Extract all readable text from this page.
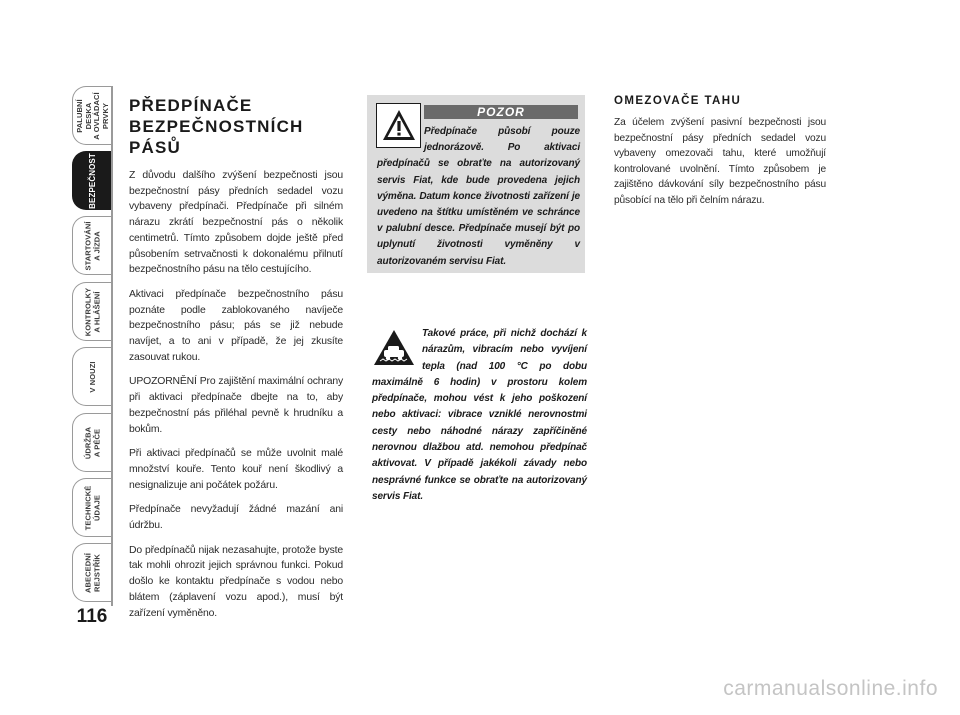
PALUBNÍ DESKA
A OVLÁDACÍ PRVKY
BEZPEČNOST
STARTOVÁNÍ
A JÍZDA
KONTROLKY
A HLÁŠENÍ
V NOUZI
ÚDRŽBA
A PÉČE
TECHNICKÉ
ÚDAJE
ABECEDNÍ
REJSTŘÍK
116
PŘEDPÍNAČE
BEZPEČNOSTNÍCH PÁSŮ

Z důvodu dalšího zvýšení bezpečnosti jsou bezpečnostní pásy předních sedadel vozu vybaveny předpínači. Předpínače při silném nárazu zkrátí bezpečnostní pás o několik centimetrů. Tímto způsobem dojde ještě před působením setrvačnosti k dokonalému přilnutí bezpečnostního pásu na tělo cestujícího.

Aktivaci předpínače bezpečnostního pásu poznáte podle zablokovaného navíječe bezpečnostního pásu; pás se již nebude navíjet, a to ani v případě, že jej zkusíte zasouvat rukou.

UPOZORNĚNÍ Pro zajištění maximální ochrany při aktivaci předpínače dbejte na to, aby bezpečnostní pás přiléhal pevně k hrudníku a bokům.

Při aktivaci předpínačů se může uvolnit malé množství kouře. Tento kouř není škodlivý a nesignalizuje ani počátek požáru.

Předpínače nevyžadují žádné mazání ani údržbu.

Do předpínačů nijak nezasahujte, protože byste tak mohli ohrozit jejich správnou funkci. Pokud došlo ke kontaktu předpínače s vodou nebo blátem (záplavení vozu apod.), musí být zařízení vyměněno.

POZOR
Předpínače působí pouze jednorázově. Po aktivaci předpínačů se obraťte na autorizovaný servis Fiat, kde bude provedena jejich výměna. Datum konce životnosti zařízení je uvedeno na štítku umístěném ve schránce v palubní desce. Předpínače musejí být po uplynutí životnosti vyměněny v autorizovaném servisu Fiat.
Takové práce, při nichž dochází k nárazům, vibracím nebo vyvíjení tepla (nad 100 °C po dobu maximálně 6 hodin) v prostoru kolem předpínače, mohou vést k jeho poškození nebo aktivaci: vibrace vzniklé nerovnostmi cesty nebo náhodné nárazy zapříčiněné nerovnou dlažbou atd. nemohou předpínač aktivovat. V případě jakékoli závady nebo nesprávné funkce se obraťte na autorizovaný servis Fiat.
OMEZOVAČE TAHU

Za účelem zvýšení pasivní bezpečnosti jsou bezpečnostní pásy předních sedadel vozu vybaveny omezovači tahu, které umožňují kontrolované uvolnění. Tímto způsobem je zajištěno dávkování síly bezpečnostního pásu působící na tělo při čelním nárazu.

carmanualsonline.info
